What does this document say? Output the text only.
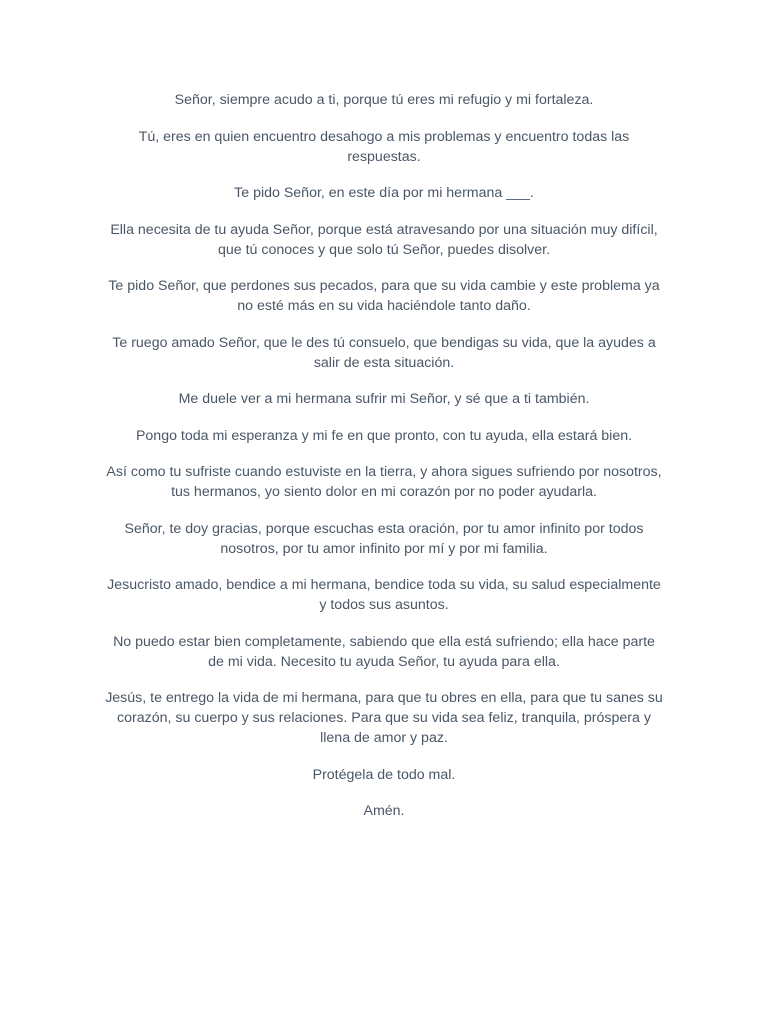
Señor, siempre acudo a ti, porque tú eres mi refugio y mi fortaleza.

Tú, eres en quien encuentro desahogo a mis problemas y encuentro todas las respuestas.

Te pido Señor, en este día por mi hermana ___.

Ella necesita de tu ayuda Señor, porque está atravesando por una situación muy difícil, que tú conoces y que solo tú Señor, puedes disolver.

Te pido Señor, que perdones sus pecados, para que su vida cambie y este problema ya no esté más en su vida haciéndole tanto daño.

Te ruego amado Señor, que le des tú consuelo, que bendigas su vida, que la ayudes a salir de esta situación.

Me duele ver a mi hermana sufrir mi Señor, y sé que a ti también.

Pongo toda mi esperanza y mi fe en que pronto, con tu ayuda, ella estará bien.

Así como tu sufriste cuando estuviste en la tierra, y ahora sigues sufriendo por nosotros, tus hermanos, yo siento dolor en mi corazón por no poder ayudarla.

Señor, te doy gracias, porque escuchas esta oración, por tu amor infinito por todos nosotros, por tu amor infinito por mí y por mi familia.

Jesucristo amado, bendice a mi hermana, bendice toda su vida, su salud especialmente y todos sus asuntos.

No puedo estar bien completamente, sabiendo que ella está sufriendo; ella hace parte de mi vida. Necesito tu ayuda Señor, tu ayuda para ella.

Jesús, te entrego la vida de mi hermana, para que tu obres en ella, para que tu sanes su corazón, su cuerpo y sus relaciones. Para que su vida sea feliz, tranquila, próspera y llena de amor y paz.

Protégela de todo mal.

Amén.
